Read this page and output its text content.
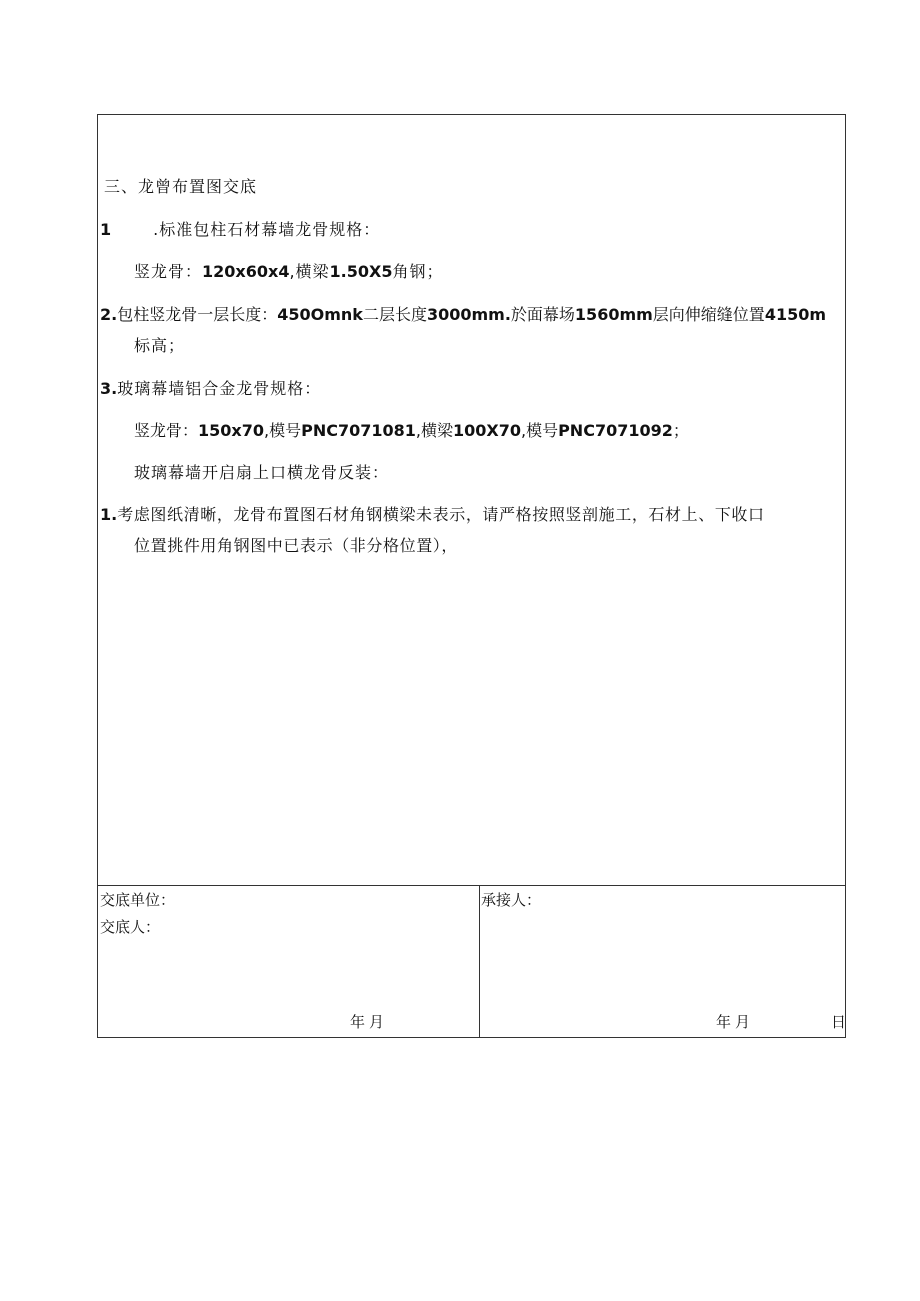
三、龙曾布置图交底
1	.标准包柱石材幕墙龙骨规格：
竖龙骨：120x60x4,横梁1.50X5角钢；
2.包柱竖龙骨一层长度：450Omnk二层长度3000mm.於面幕场1560mm层向伸缩缝位置4150m
标高；
3.玻璃幕墙铝合金龙骨规格：
竖龙骨：150x70,模号PNC7071081,横梁100X70,模号PNC7071092；
玻璃幕墙开启扇上口横龙骨反装：
1.考虑图纸清晰，龙骨布置图石材角钢横梁未表示，请严格按照竖剖施工，石材上、下收口
位置挑件用角钢图中已表示（非分格位置），
交底单位：
交底人：
年月
承接人：
年月	日
